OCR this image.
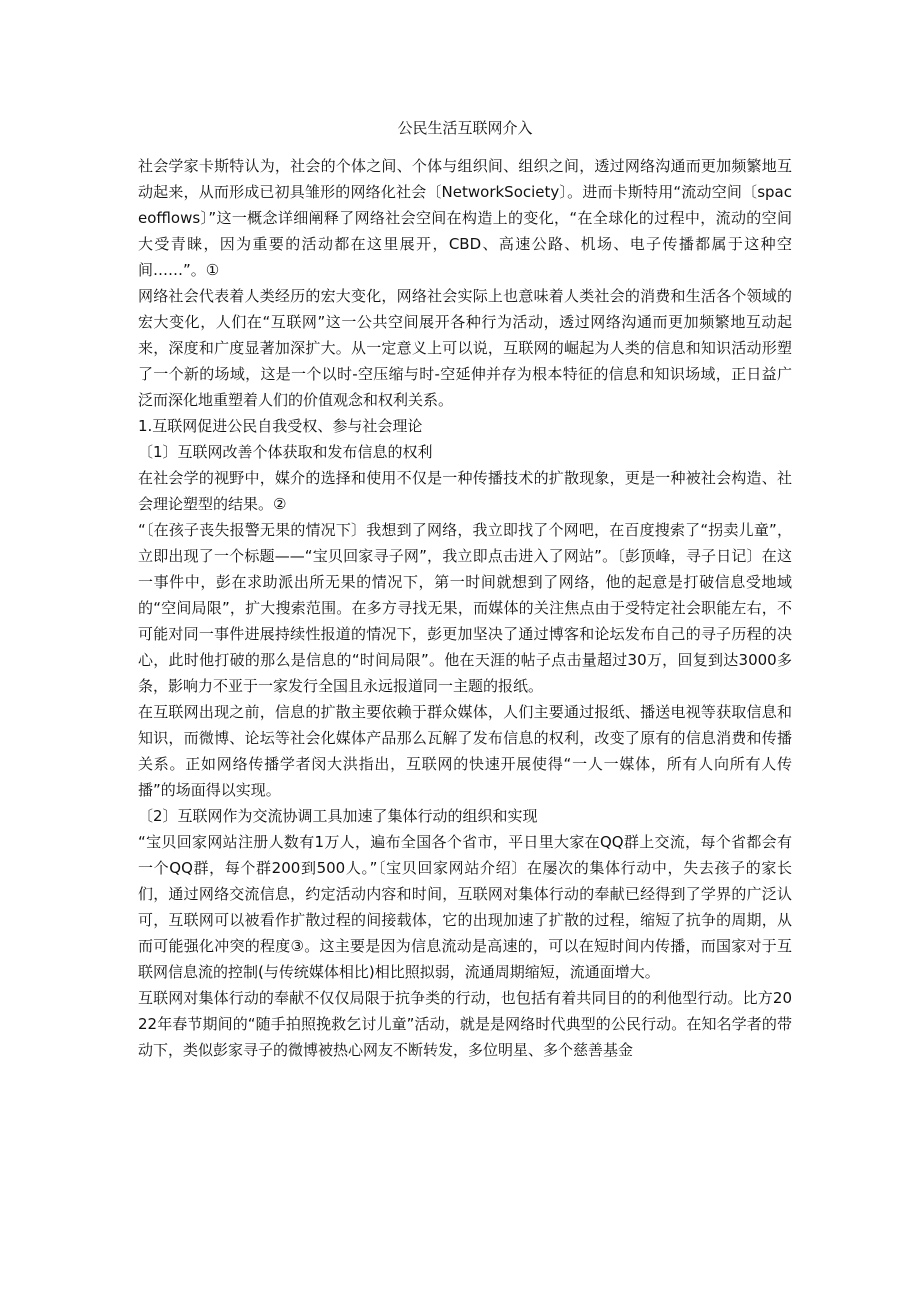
公民生活互联网介入

社会学家卡斯特认为，社会的个体之间、个体与组织间、组织之间，透过网络沟通而更加频繁地互动起来，从而形成已初具雏形的网络化社会〔NetworkSociety〕。进而卡斯特用“流动空间〔spaceofflows〕”这一概念详细阐释了网络社会空间在构造上的变化，“在全球化的过程中，流动的空间大受青睐，因为重要的活动都在这里展开，CBD、高速公路、机场、电子传播都属于这种空间……”。①

网络社会代表着人类经历的宏大变化，网络社会实际上也意味着人类社会的消费和生活各个领域的宏大变化，人们在“互联网”这一公共空间展开各种行为活动，透过网络沟通而更加频繁地互动起来，深度和广度显著加深扩大。从一定意义上可以说，互联网的崛起为人类的信息和知识活动形塑了一个新的场域，这是一个以时-空压缩与时-空延伸并存为根本特征的信息和知识场域，正日益广泛而深化地重塑着人们的价值观念和权利关系。

1.互联网促进公民自我受权、参与社会理论

〔1〕互联网改善个体获取和发布信息的权利

在社会学的视野中，媒介的选择和使用不仅是一种传播技术的扩散现象，更是一种被社会构造、社会理论塑型的结果。②

“〔在孩子丧失报警无果的情况下〕我想到了网络，我立即找了个网吧，在百度搜索了“拐卖儿童”，立即出现了一个标题——“宝贝回家寻子网”，我立即点击进入了网站”。〔彭顶峰，寻子日记〕在这一事件中，彭在求助派出所无果的情况下，第一时间就想到了网络，他的起意是打破信息受地域的“空间局限”，扩大搜索范围。在多方寻找无果，而媒体的关注焦点由于受特定社会职能左右，不可能对同一事件进展持续性报道的情况下，彭更加坚决了通过博客和论坛发布自己的寻子历程的决心，此时他打破的那么是信息的“时间局限”。他在天涯的帖子点击量超过30万，回复到达3000多条，影响力不亚于一家发行全国且永远报道同一主题的报纸。

在互联网出现之前，信息的扩散主要依赖于群众媒体，人们主要通过报纸、播送电视等获取信息和知识，而微博、论坛等社会化媒体产品那么瓦解了发布信息的权利，改变了原有的信息消费和传播关系。正如网络传播学者闵大洪指出，互联网的快速开展使得“一人一媒体，所有人向所有人传播”的场面得以实现。

〔2〕互联网作为交流协调工具加速了集体行动的组织和实现

“宝贝回家网站注册人数有1万人，遍布全国各个省市，平日里大家在QQ群上交流，每个省都会有一个QQ群，每个群200到500人。”〔宝贝回家网站介绍〕在屡次的集体行动中，失去孩子的家长们，通过网络交流信息，约定活动内容和时间，互联网对集体行动的奉献已经得到了学界的广泛认可，互联网可以被看作扩散过程的间接载体，它的出现加速了扩散的过程，缩短了抗争的周期，从而可能强化冲突的程度③。这主要是因为信息流动是高速的，可以在短时间内传播，而国家对于互联网信息流的控制(与传统媒体相比)相比照拟弱，流通周期缩短，流通面增大。

互联网对集体行动的奉献不仅仅局限于抗争类的行动，也包括有着共同目的的利他型行动。比方2022年春节期间的“随手拍照挽救乞讨儿童”活动，就是是网络时代典型的公民行动。在知名学者的带动下，类似彭家寻子的微博被热心网友不断转发，多位明星、多个慈善基金
